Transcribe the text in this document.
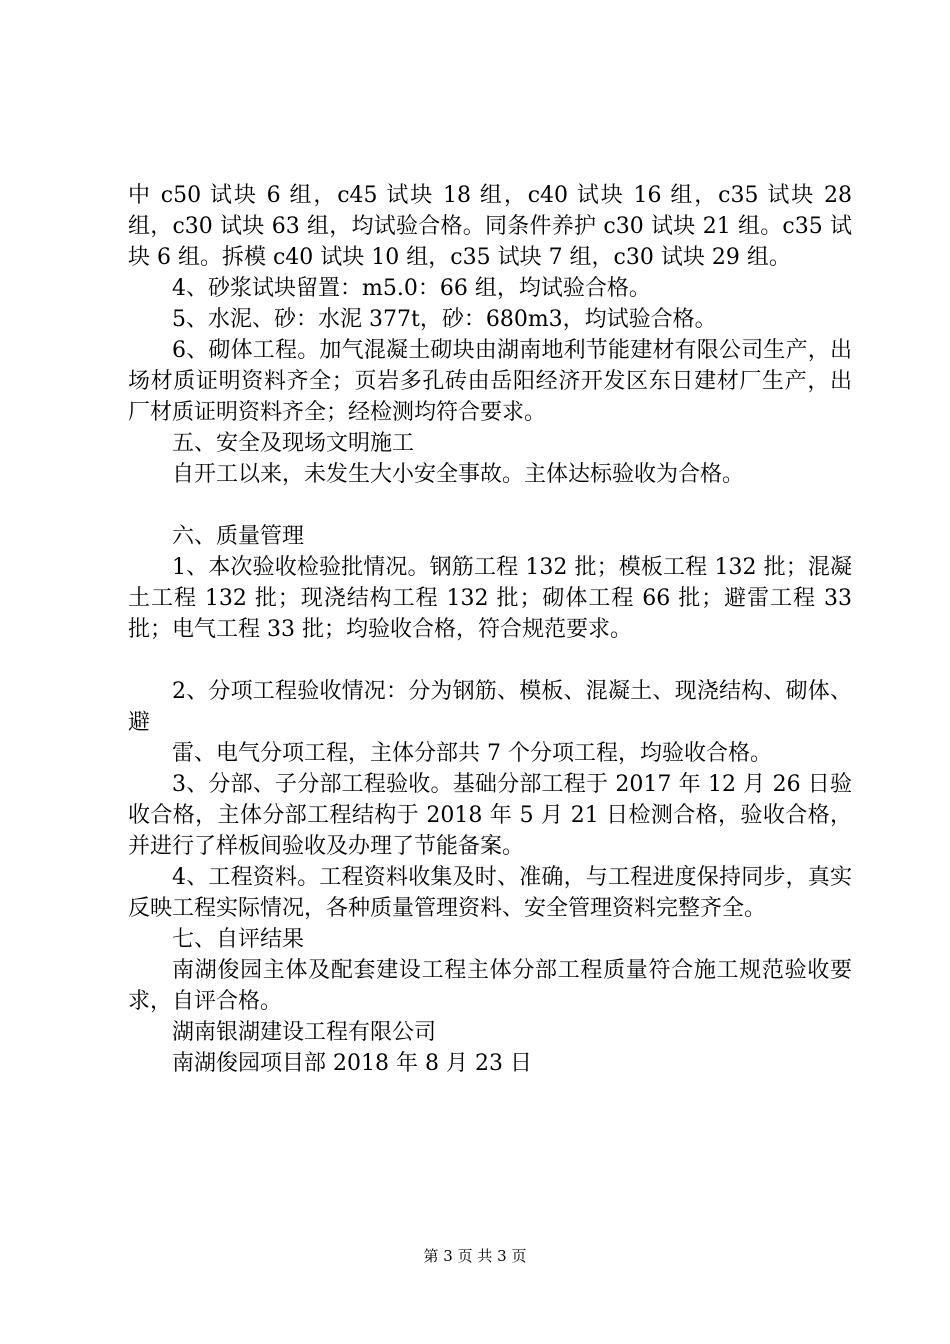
中 c50 试块 6 组，c45 试块 18 组，c40 试块 16 组，c35 试块 28 组，c30 试块 63 组，均试验合格。同条件养护 c30 试块 21 组。c35 试块 6 组。拆模 c40 试块 10 组，c35 试块 7 组，c30 试块 29 组。

4、砂浆试块留置：m5.0：66 组，均试验合格。

5、水泥、砂：水泥 377t，砂：680m3，均试验合格。

6、砌体工程。加气混凝土砌块由湖南地利节能建材有限公司生产，出场材质证明资料齐全；页岩多孔砖由岳阳经济开发区东日建材厂生产，出厂材质证明资料齐全；经检测均符合要求。

五、安全及现场文明施工

自开工以来，未发生大小安全事故。主体达标验收为合格。

六、质量管理

1、本次验收检验批情况。钢筋工程 132 批；模板工程 132 批；混凝土工程 132 批；现浇结构工程 132 批；砌体工程 66 批；避雷工程 33 批；电气工程 33 批；均验收合格，符合规范要求。

2、分项工程验收情况：分为钢筋、模板、混凝土、现浇结构、砌体、避

雷、电气分项工程，主体分部共 7 个分项工程，均验收合格。

3、分部、子分部工程验收。基础分部工程于 2017 年 12 月 26 日验收合格，主体分部工程结构于 2018 年 5 月 21 日检测合格，验收合格，并进行了样板间验收及办理了节能备案。

4、工程资料。工程资料收集及时、准确，与工程进度保持同步，真实反映工程实际情况，各种质量管理资料、安全管理资料完整齐全。

七、自评结果

南湖俊园主体及配套建设工程主体分部工程质量符合施工规范验收要求，自评合格。

湖南银湖建设工程有限公司

南湖俊园项目部 2018 年 8 月 23 日

第 3 页 共 3 页
